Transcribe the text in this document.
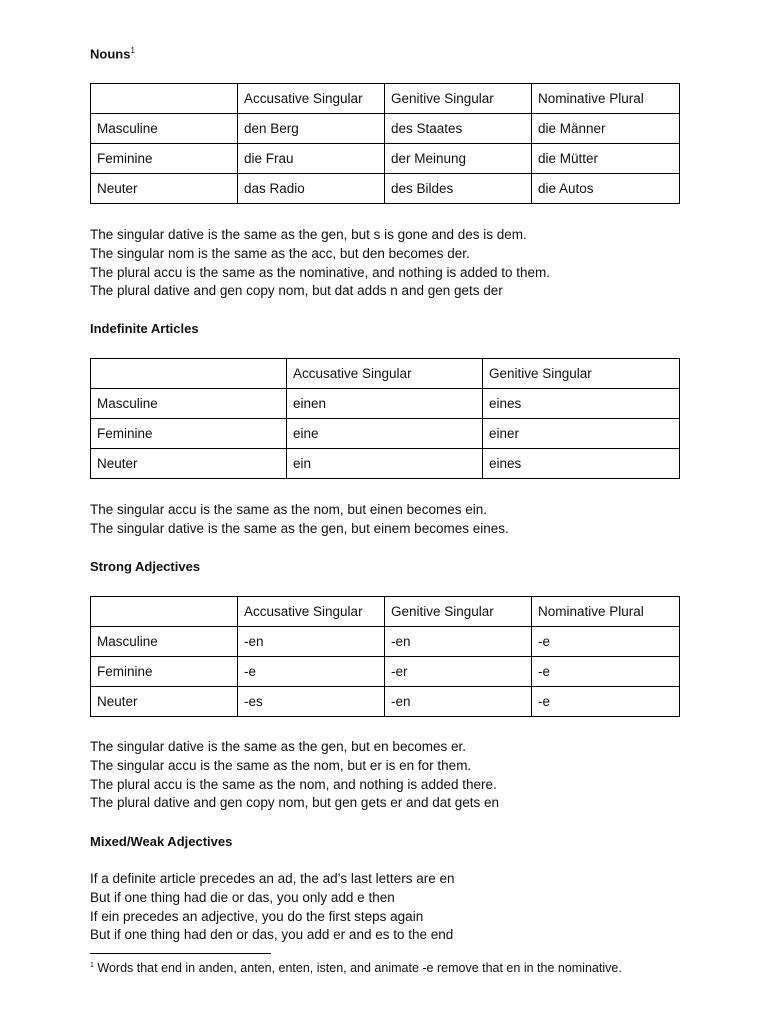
Nouns$^1$
	Accusative Singular	Genitive Singular	Nominative Plural
Masculine	den Berg	des Staates	die Männer
Feminine	die Frau	der Meinung	die Mütter
Neuter	das Radio	des Bildes	die Autos
The singular dative is the same as the gen, but s is gone and des is dem.
The singular nom is the same as the acc, but den becomes der.
The plural accu is the same as the nominative, and nothing is added to them.
The plural dative and gen copy nom, but dat adds n and gen gets der
Indefinite Articles
	Accusative Singular	Genitive Singular
Masculine	einen	eines
Feminine	eine	einer
Neuter	ein	eines
The singular accu is the same as the nom, but einen becomes ein.
The singular dative is the same as the gen, but einem becomes eines.
Strong Adjectives
	Accusative Singular	Genitive Singular	Nominative Plural
Masculine	-en	-en	-e
Feminine	-e	-er	-e
Neuter	-es	-en	-e
The singular dative is the same as the gen, but en becomes er.
The singular accu is the same as the nom, but er is en for them.
The plural accu is the same as the nom, and nothing is added there.
The plural dative and gen copy nom, but gen gets er and dat gets en
Mixed/Weak Adjectives
If a definite article precedes an ad, the ad’s last letters are en
But if one thing had die or das, you only add e then
If ein precedes an adjective, you do the first steps again
But if one thing had den or das, you add er and es to the end
$^1$ Words that end in anden, anten, enten, isten, and animate -e remove that en in the nominative.
